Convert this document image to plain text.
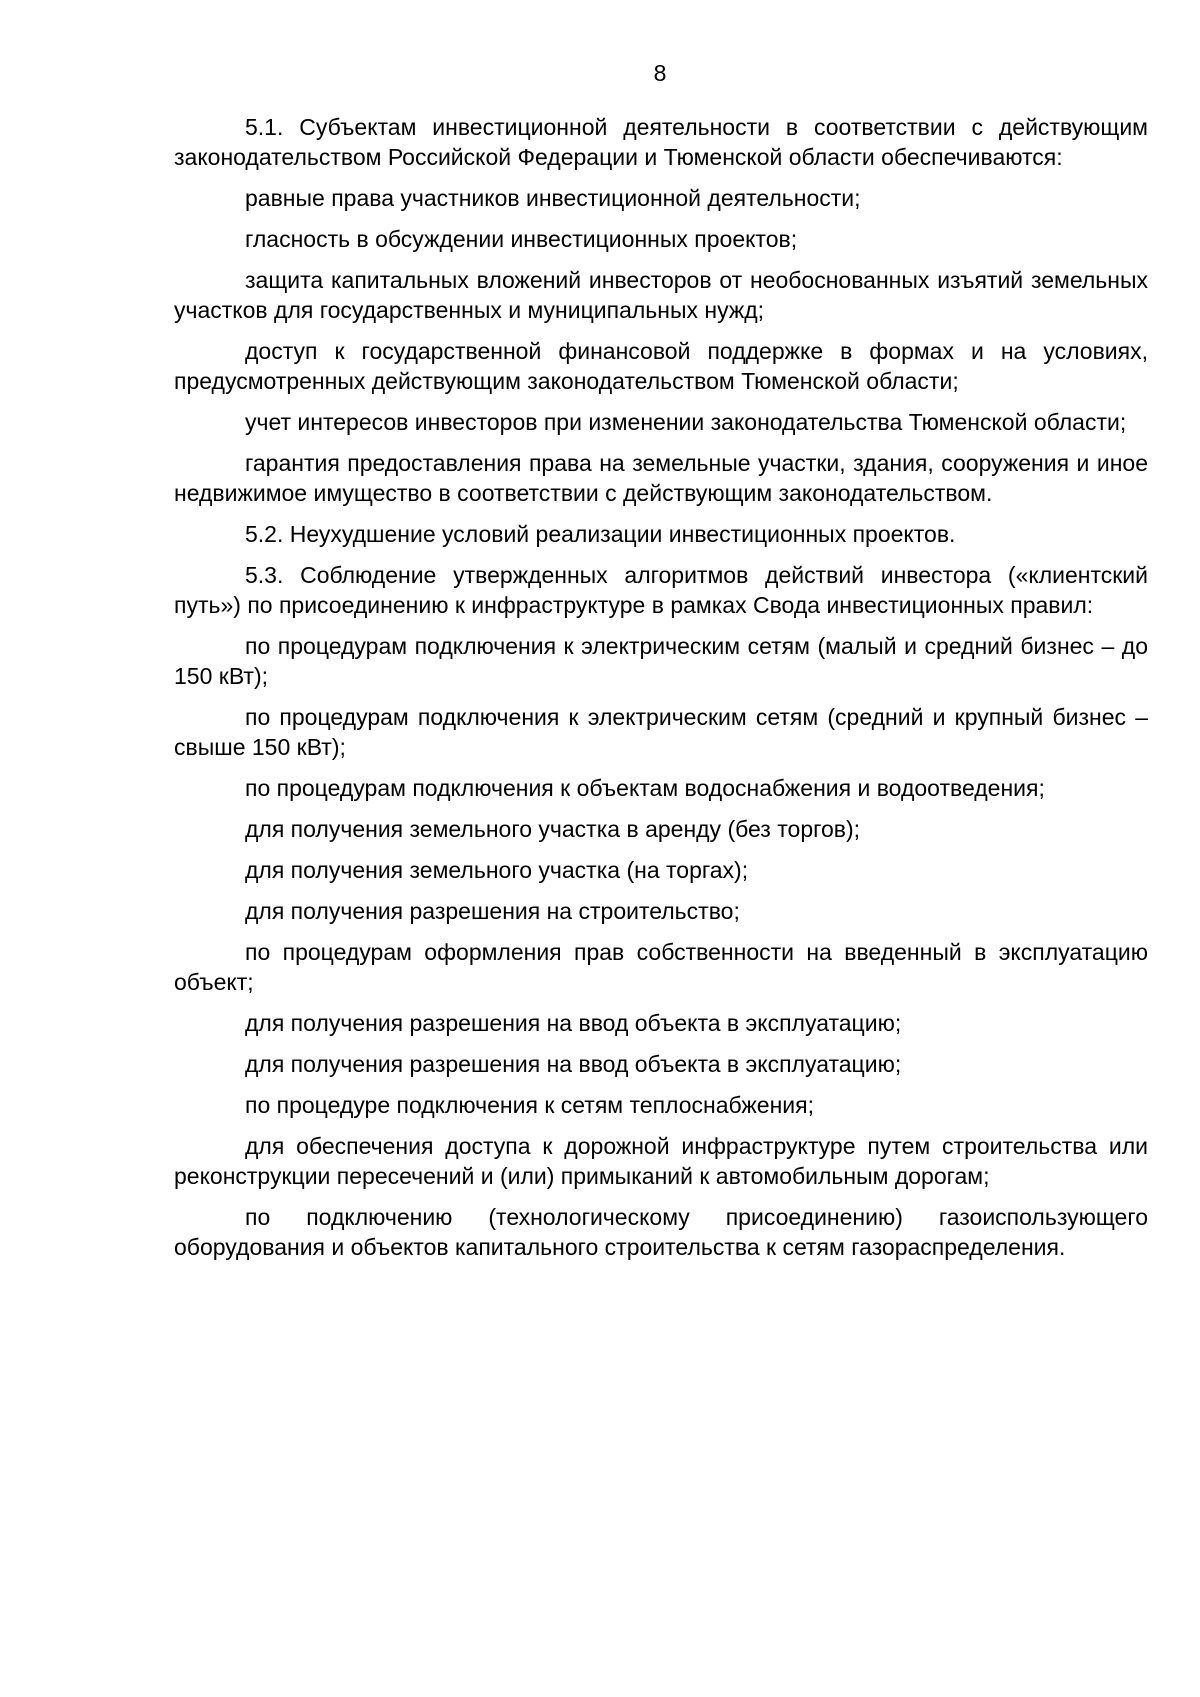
8

5.1. Субъектам инвестиционной деятельности в соответствии с действующим законодательством Российской Федерации и Тюменской области обеспечиваются:

равные права участников инвестиционной деятельности;

гласность в обсуждении инвестиционных проектов;

защита капитальных вложений инвесторов от необоснованных изъятий земельных участков для государственных и муниципальных нужд;

доступ к государственной финансовой поддержке в формах и на условиях, предусмотренных действующим законодательством Тюменской области;

учет интересов инвесторов при изменении законодательства Тюменской области;

гарантия предоставления права на земельные участки, здания, сооружения и иное недвижимое имущество в соответствии с действующим законодательством.

5.2. Неухудшение условий реализации инвестиционных проектов.

5.3. Соблюдение утвержденных алгоритмов действий инвестора («клиентский путь») по присоединению к инфраструктуре в рамках Свода инвестиционных правил:

по процедурам подключения к электрическим сетям (малый и средний бизнес – до 150 кВт);

по процедурам подключения к электрическим сетям (средний и крупный бизнес – свыше 150 кВт);

по процедурам подключения к объектам водоснабжения и водоотведения;

для получения земельного участка в аренду (без торгов);

для получения земельного участка (на торгах);

для получения разрешения на строительство;

по процедурам оформления прав собственности на введенный в эксплуатацию объект;

для получения разрешения на ввод объекта в эксплуатацию;

для получения разрешения на ввод объекта в эксплуатацию;

по процедуре подключения к сетям теплоснабжения;

для обеспечения доступа к дорожной инфраструктуре путем строительства или реконструкции пересечений и (или) примыканий к автомобильным дорогам;

по подключению (технологическому присоединению) газоиспользующего оборудования и объектов капитального строительства к сетям газораспределения.
